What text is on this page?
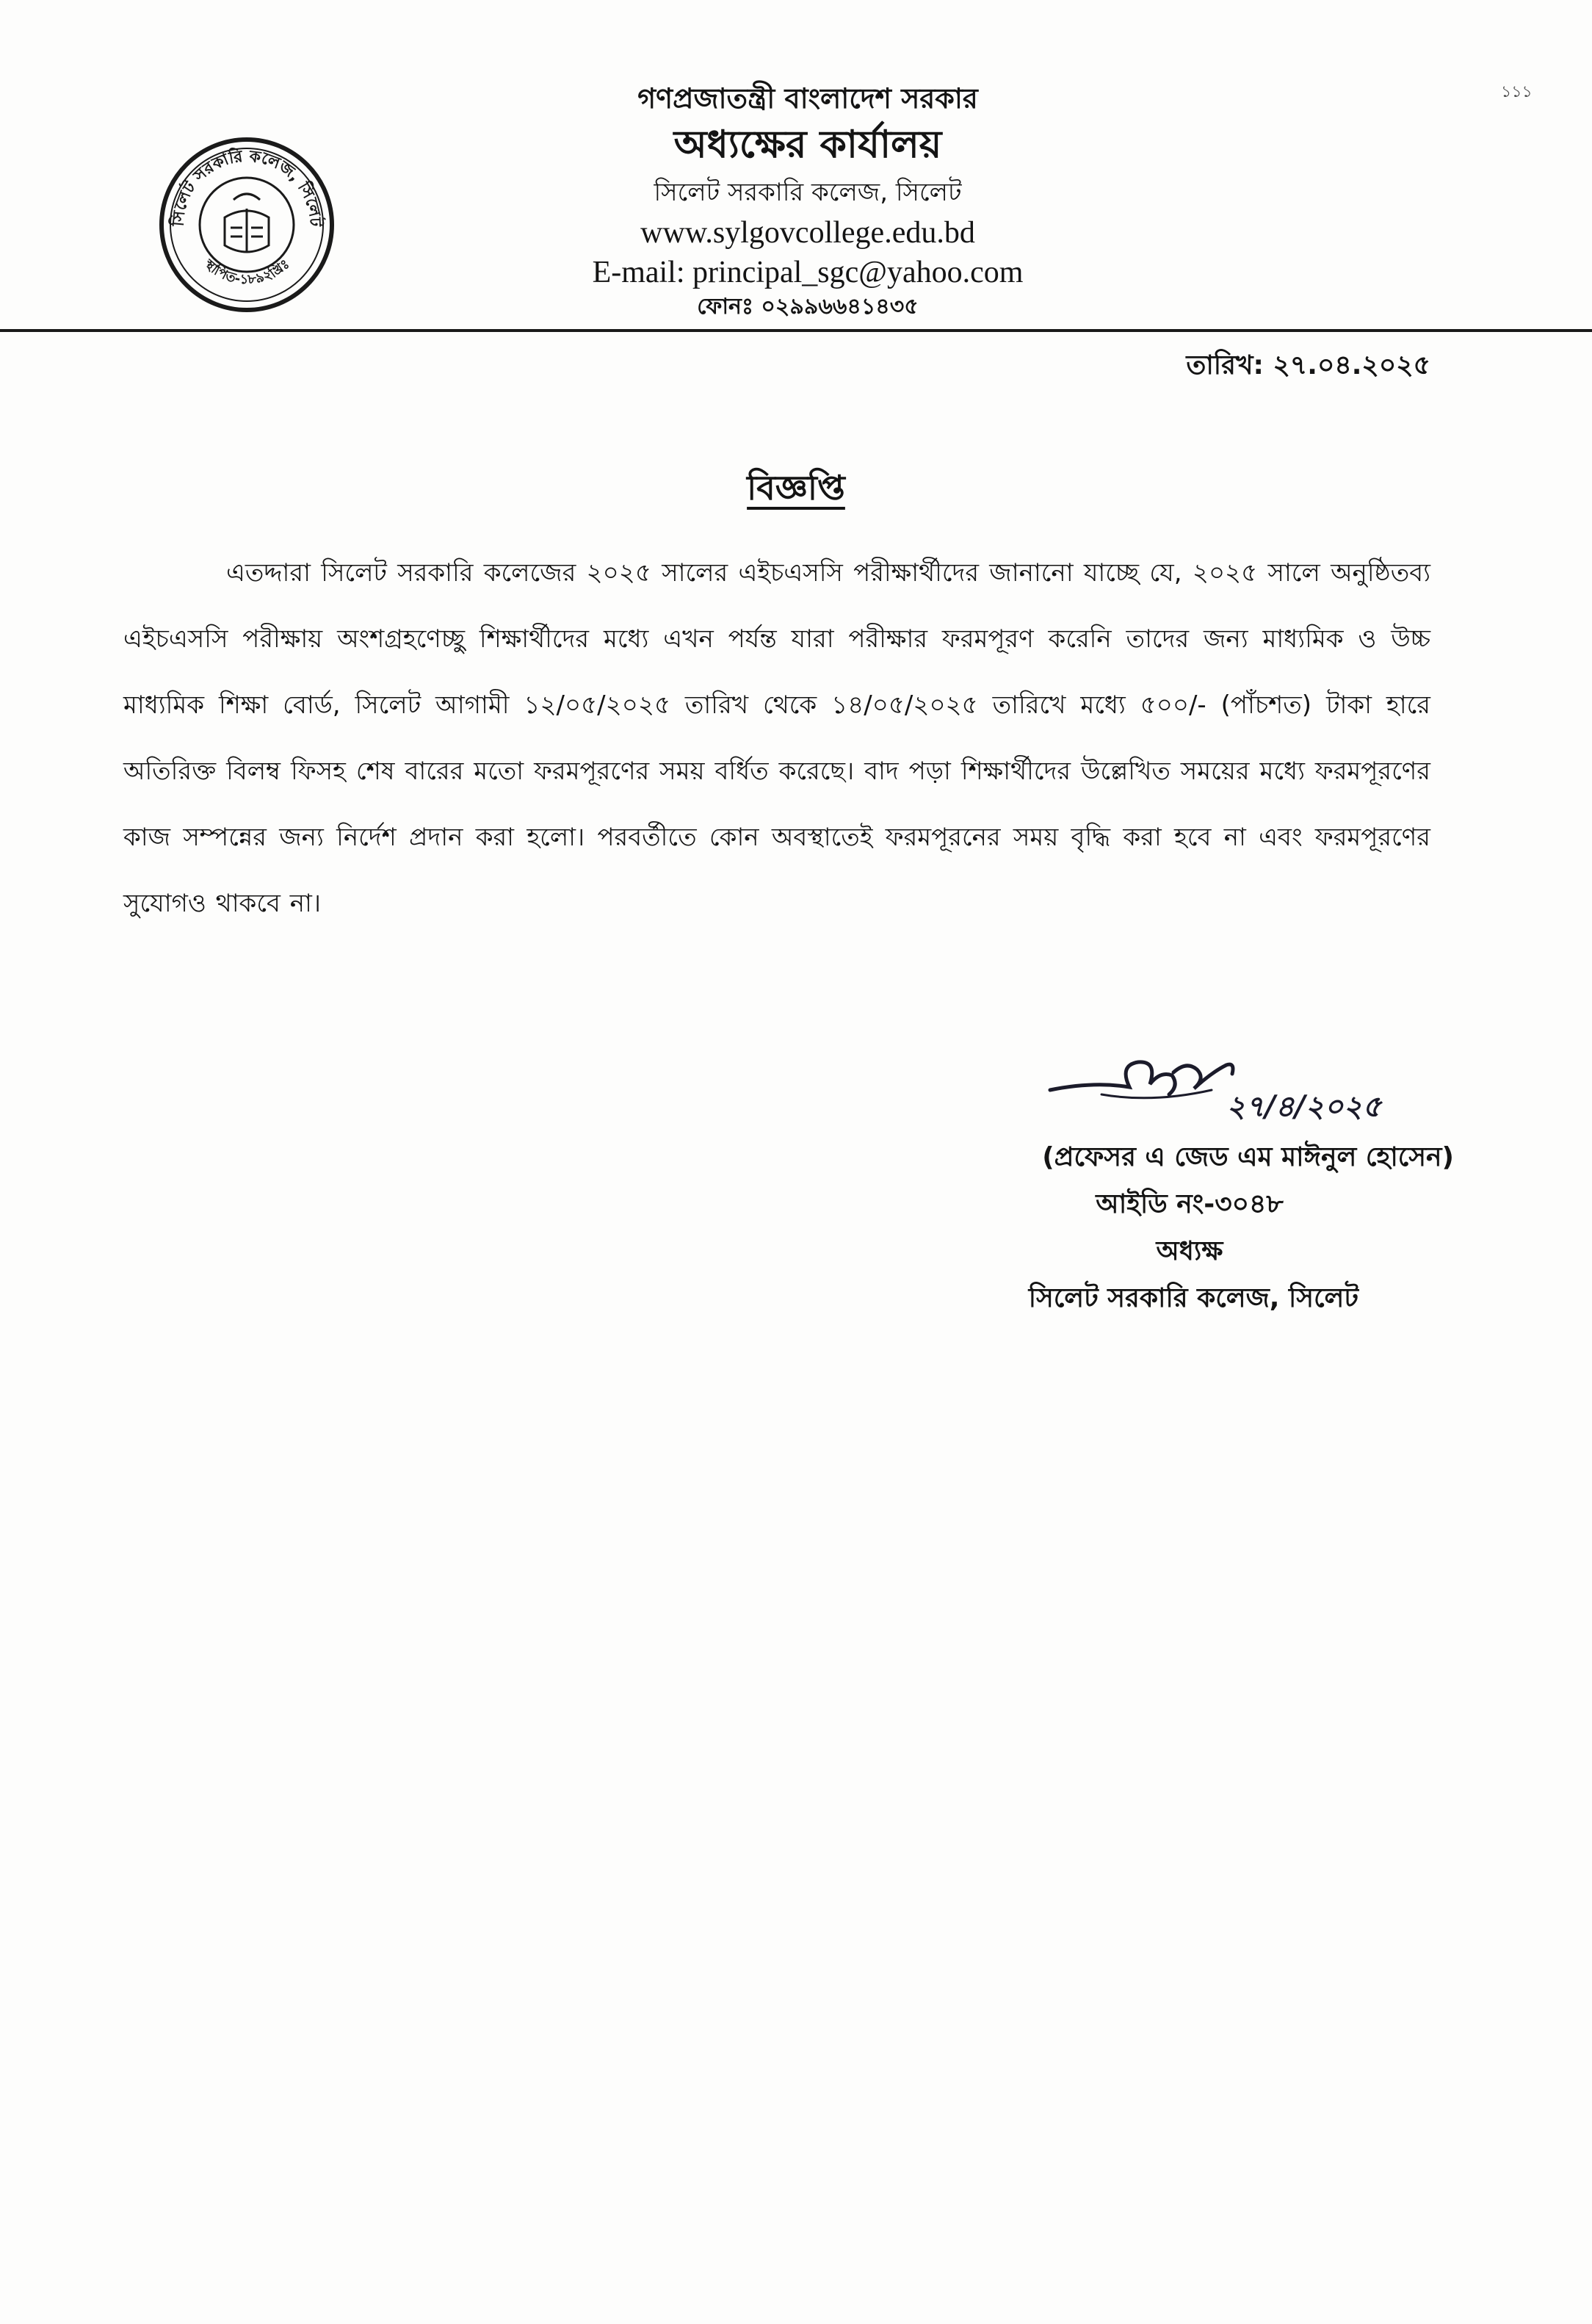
১১১
সিলেট সরকারি কলেজ, সিলেট
স্থাপিত-১৮৯২খ্রিঃ
গণপ্রজাতন্ত্রী বাংলাদেশ সরকার
অধ্যক্ষের কার্যালয়
সিলেট সরকারি কলেজ, সিলেট
www.sylgovcollege.edu.bd
E-mail: principal_sgc@yahoo.com
ফোনঃ ০২৯৯৬৬৪১৪৩৫
তারিখ: ২৭.০৪.২০২৫
বিজ্ঞপ্তি
এতদ্দারা সিলেট সরকারি কলেজের ২০২৫ সালের এইচএসসি পরীক্ষার্থীদের জানানো যাচ্ছে যে, ২০২৫ সালে অনুষ্ঠিতব্য এইচএসসি পরীক্ষায় অংশগ্রহণেচ্ছু শিক্ষার্থীদের মধ্যে এখন পর্যন্ত যারা পরীক্ষার ফরমপূরণ করেনি তাদের জন্য মাধ্যমিক ও উচ্চ মাধ্যমিক শিক্ষা বোর্ড, সিলেট আগামী ১২/০৫/২০২৫ তারিখ থেকে ১৪/০৫/২০২৫ তারিখে মধ্যে ৫০০/- (পাঁচশত) টাকা হারে অতিরিক্ত বিলম্ব ফিসহ শেষ বারের মতো ফরমপূরণের সময় বর্ধিত করেছে। বাদ পড়া শিক্ষার্থীদের উল্লেখিত সময়ের মধ্যে ফরমপূরণের কাজ সম্পন্নের জন্য নির্দেশ প্রদান করা হলো। পরবর্তীতে কোন অবস্থাতেই ফরমপূরনের সময় বৃদ্ধি করা হবে না এবং ফরমপূরণের সুযোগও থাকবে না।
২৭/৪/২০২৫
(প্রফেসর এ জেড এম মাঈনুল হোসেন)
আইডি নং-৩০৪৮
অধ্যক্ষ
সিলেট সরকারি কলেজ, সিলেট
